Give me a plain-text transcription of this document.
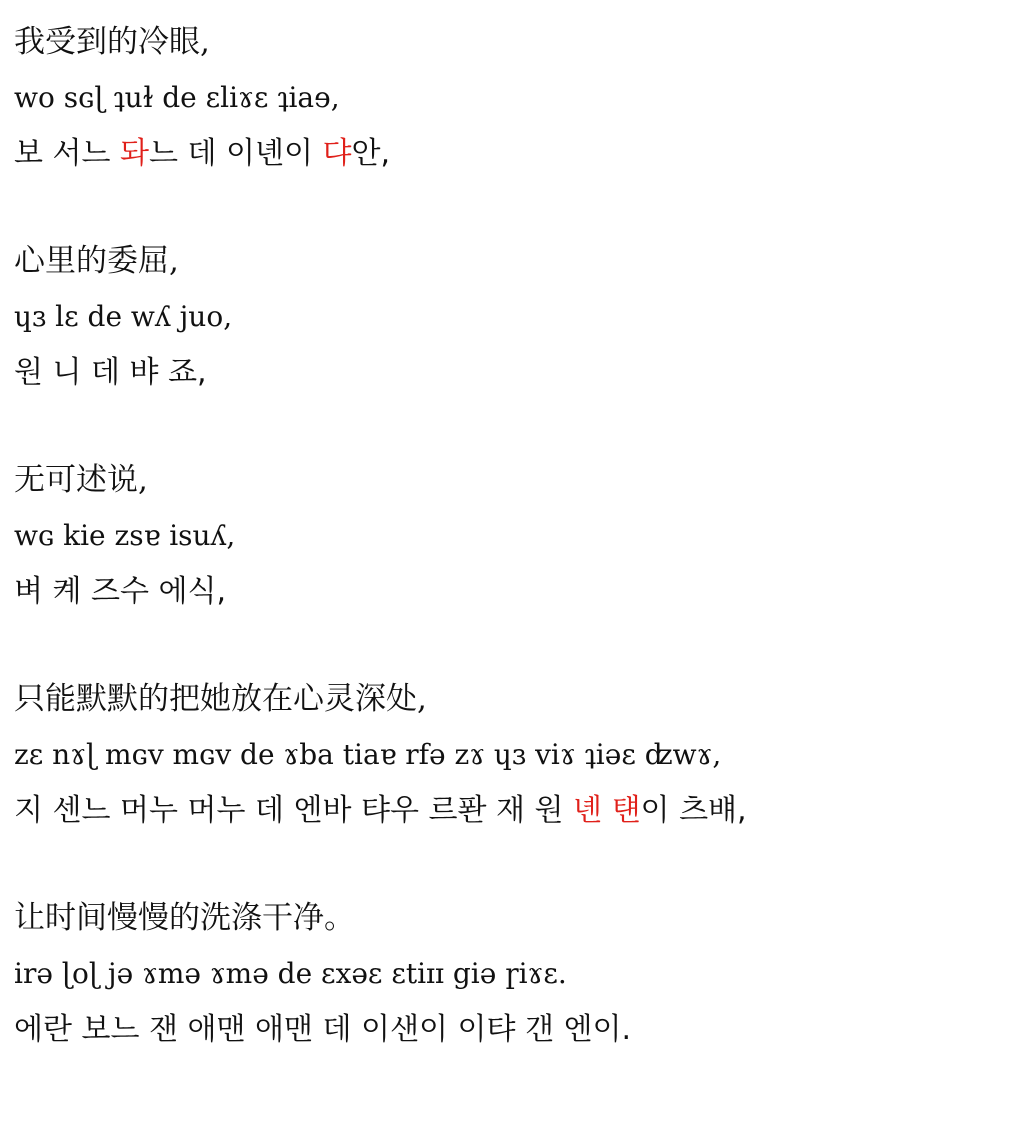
我受到的冷眼,
wo sɢɭ ʇuɫ de ɛliɤɛ ʇiaɘ,
보 서느 돠느 데 이녠이 댜안,
心里的委屈,
ɥɜ lɛ de wʎ juo,
원 니 데 뱌 죠,
无可述说,
wɢ kie zsɐ isuʎ,
벼 켸 즈수 에식,
只能默默的把她放在心灵深处,
zɛ nɤɭ mɢv mɢv de ɤba tiaɐ rfə zɤ ɥɜ viɤ ʇiəɛ ʣwɤ,
지 센느 머누 머누 데 엔바 탸우 르퐌 재 원 녠 턘이 츠뱨,
让时间慢慢的洗涤干净。
irə ɭoɭ jə ɤmə ɤmə de ɛxəɛ ɛtiɪɪ giə ɼiɤɛ.
에란 보느 잰 애맨 애맨 데 이샌이 이탸 갠 엔이.
